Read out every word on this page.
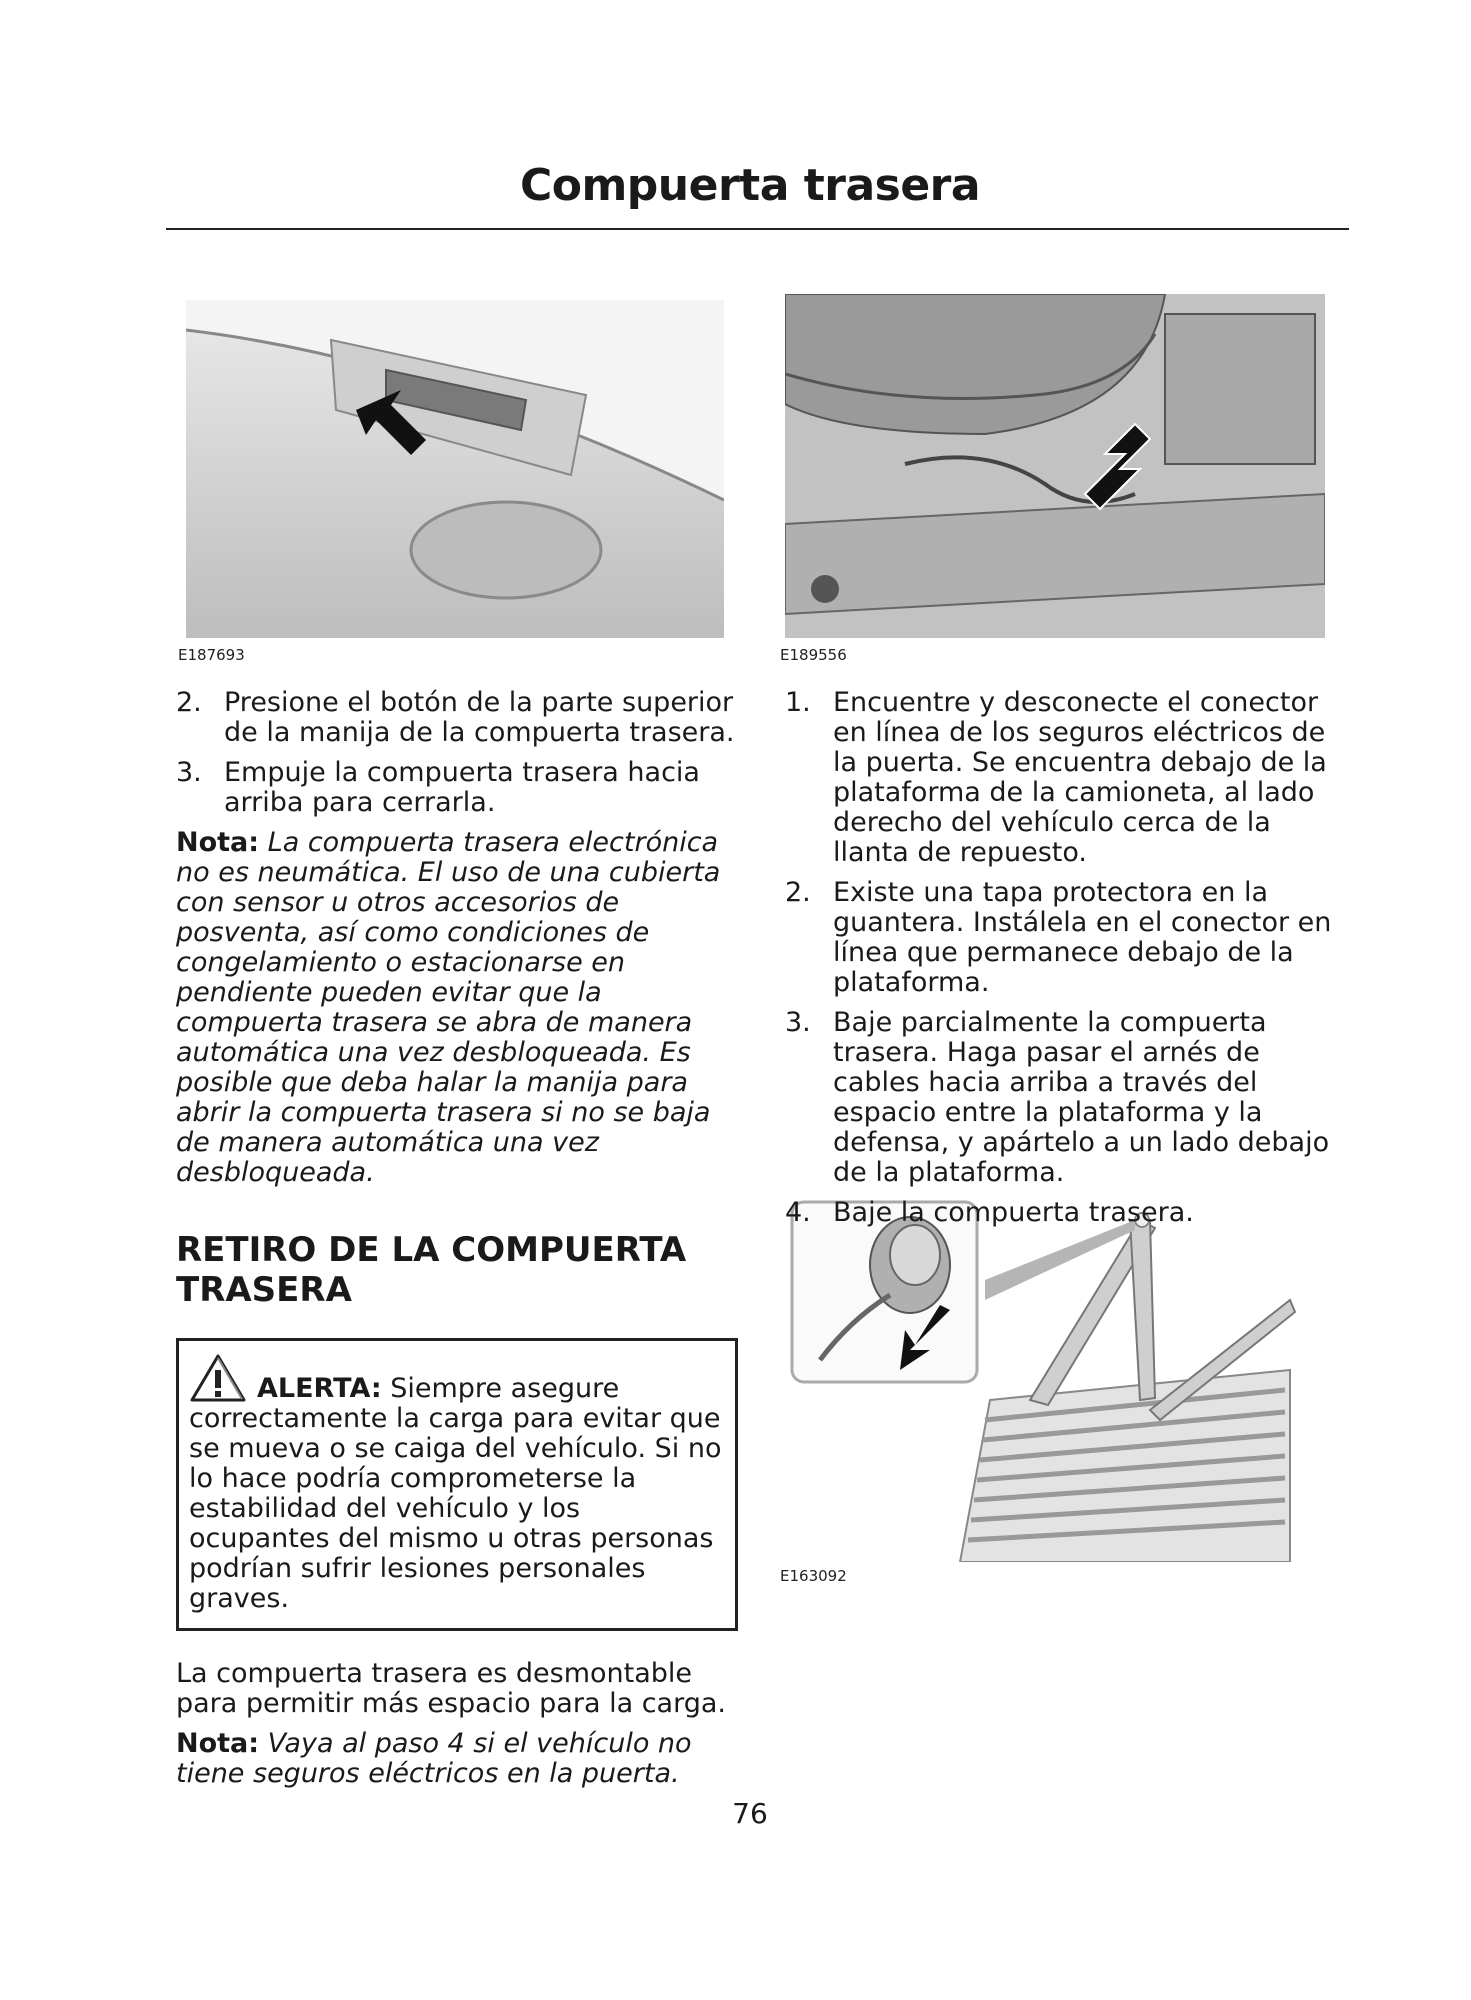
Compuerta trasera

E187693	E189556

E163092

2. Presione el botón de la parte superior de la manija de la compuerta trasera.
3. Empuje la compuerta trasera hacia arriba para cerrarla.

Nota: La compuerta trasera electrónica no es neumática. El uso de una cubierta con sensor u otros accesorios de posventa, así como condiciones de congelamiento o estacionarse en pendiente pueden evitar que la compuerta trasera se abra de manera automática una vez desbloqueada. Es posible que deba halar la manija para abrir la compuerta trasera si no se baja de manera automática una vez desbloqueada.

RETIRO DE LA COMPUERTA TRASERA
ALERTA: Siempre asegure correctamente la carga para evitar que se mueva o se caiga del vehículo. Si no lo hace podría comprometerse la estabilidad del vehículo y los ocupantes del mismo u otras personas podrían sufrir lesiones personales graves.

La compuerta trasera es desmontable para permitir más espacio para la carga.

Nota: Vaya al paso 4 si el vehículo no tiene seguros eléctricos en la puerta.

1. Encuentre y desconecte el conector en línea de los seguros eléctricos de la puerta. Se encuentra debajo de la plataforma de la camioneta, al lado derecho del vehículo cerca de la llanta de repuesto.
2. Existe una tapa protectora en la guantera. Instálela en el conector en línea que permanece debajo de la plataforma.
3. Baje parcialmente la compuerta trasera. Haga pasar el arnés de cables hacia arriba a través del espacio entre la plataforma y la defensa, y apártelo a un lado debajo de la plataforma.
4. Baje la compuerta trasera.

76
